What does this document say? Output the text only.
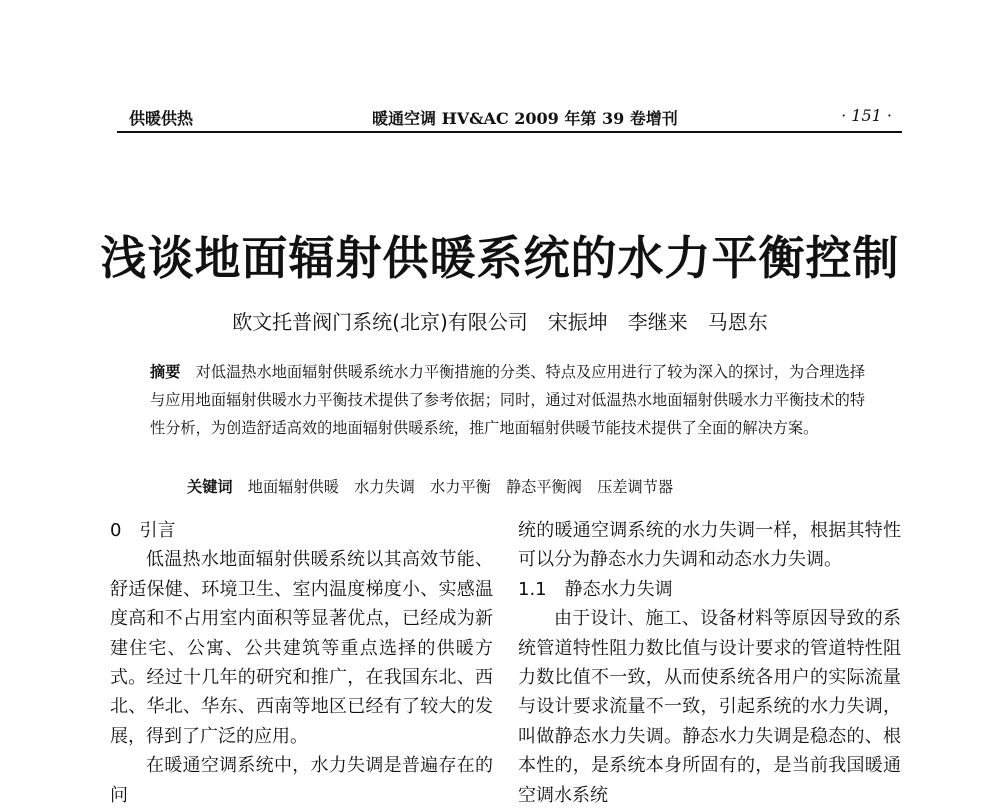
供暖供热	暖通空调 HV&AC 2009 年第 39 卷增刊	· 151 ·
浅谈地面辐射供暖系统的水力平衡控制
欧文托普阀门系统(北京)有限公司　宋振坤　李继来　马恩东
摘要　 对低温热水地面辐射供暖系统水力平衡措施的分类、特点及应用进行了较为深入的探讨，为合理选择与应用地面辐射供暖水力平衡技术提供了参考依据；同时，通过对低温热水地面辐射供暖水力平衡技术的特性分析，为创造舒适高效的地面辐射供暖系统，推广地面辐射供暖节能技术提供了全面的解决方案。
关键词　 地面辐射供暖　水力失调　水力平衡　静态平衡阀　压差调节器
0　引言

低温热水地面辐射供暖系统以其高效节能、舒适保健、环境卫生、室内温度梯度小、实感温度高和不占用室内面积等显著优点，已经成为新建住宅、公寓、公共建筑等重点选择的供暖方式。经过十几年的研究和推广，在我国东北、西北、华北、华东、西南等地区已经有了较大的发展，得到了广泛的应用。

在暖通空调系统中，水力失调是普遍存在的问

统的暖通空调系统的水力失调一样，根据其特性可以分为静态水力失调和动态水力失调。

1.1　静态水力失调

由于设计、施工、设备材料等原因导致的系统管道特性阻力数比值与设计要求的管道特性阻力数比值不一致，从而使系统各用户的实际流量与设计要求流量不一致，引起系统的水力失调，叫做静态水力失调。静态水力失调是稳态的、根本性的，是系统本身所固有的，是当前我国暖通空调水系统
